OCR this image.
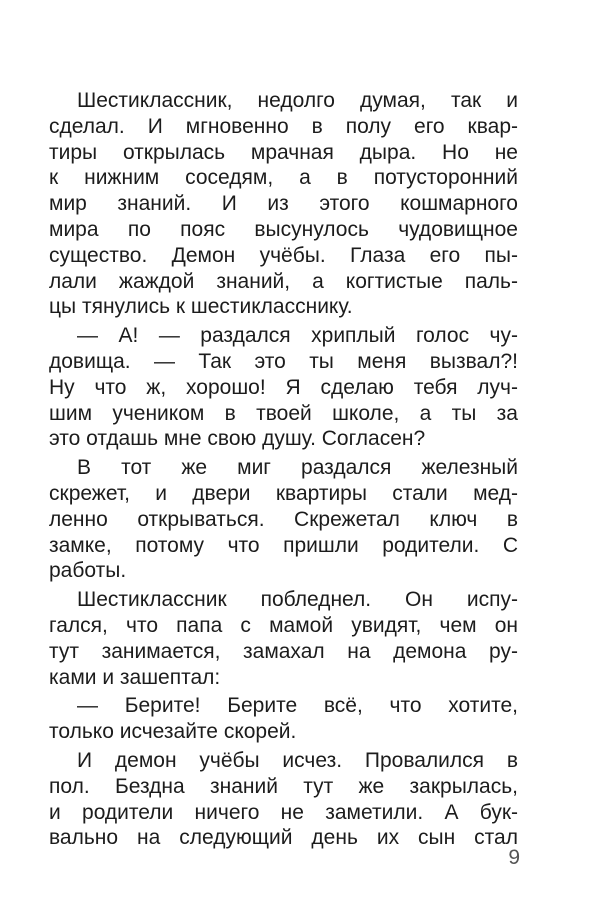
Шестиклассник, недолго думая, так и
сделал. И мгновенно в полу его квар-
тиры открылась мрачная дыра. Но не
к нижним соседям, а в потусторонний
мир знаний. И из этого кошмарного
мира по пояс высунулось чудовищное
существо. Демон учёбы. Глаза его пы-
лали жаждой знаний, а когтистые паль-
цы тянулись к шестикласснику.
— А! — раздался хриплый голос чу-
довища. — Так это ты меня вызвал?!
Ну что ж, хорошо! Я сделаю тебя луч-
шим учеником в твоей школе, а ты за
это отдашь мне свою душу. Согласен?
В тот же миг раздался железный
скрежет, и двери квартиры стали мед-
ленно открываться. Скрежетал ключ в
замке, потому что пришли родители. С
работы.
Шестиклассник побледнел. Он испу-
гался, что папа с мамой увидят, чем он
тут занимается, замахал на демона ру-
ками и зашептал:
— Берите! Берите всё, что хотите,
только исчезайте скорей.
И демон учёбы исчез. Провалился в
пол. Бездна знаний тут же закрылась,
и родители ничего не заметили. А бук-
вально на следующий день их сын стал
9
